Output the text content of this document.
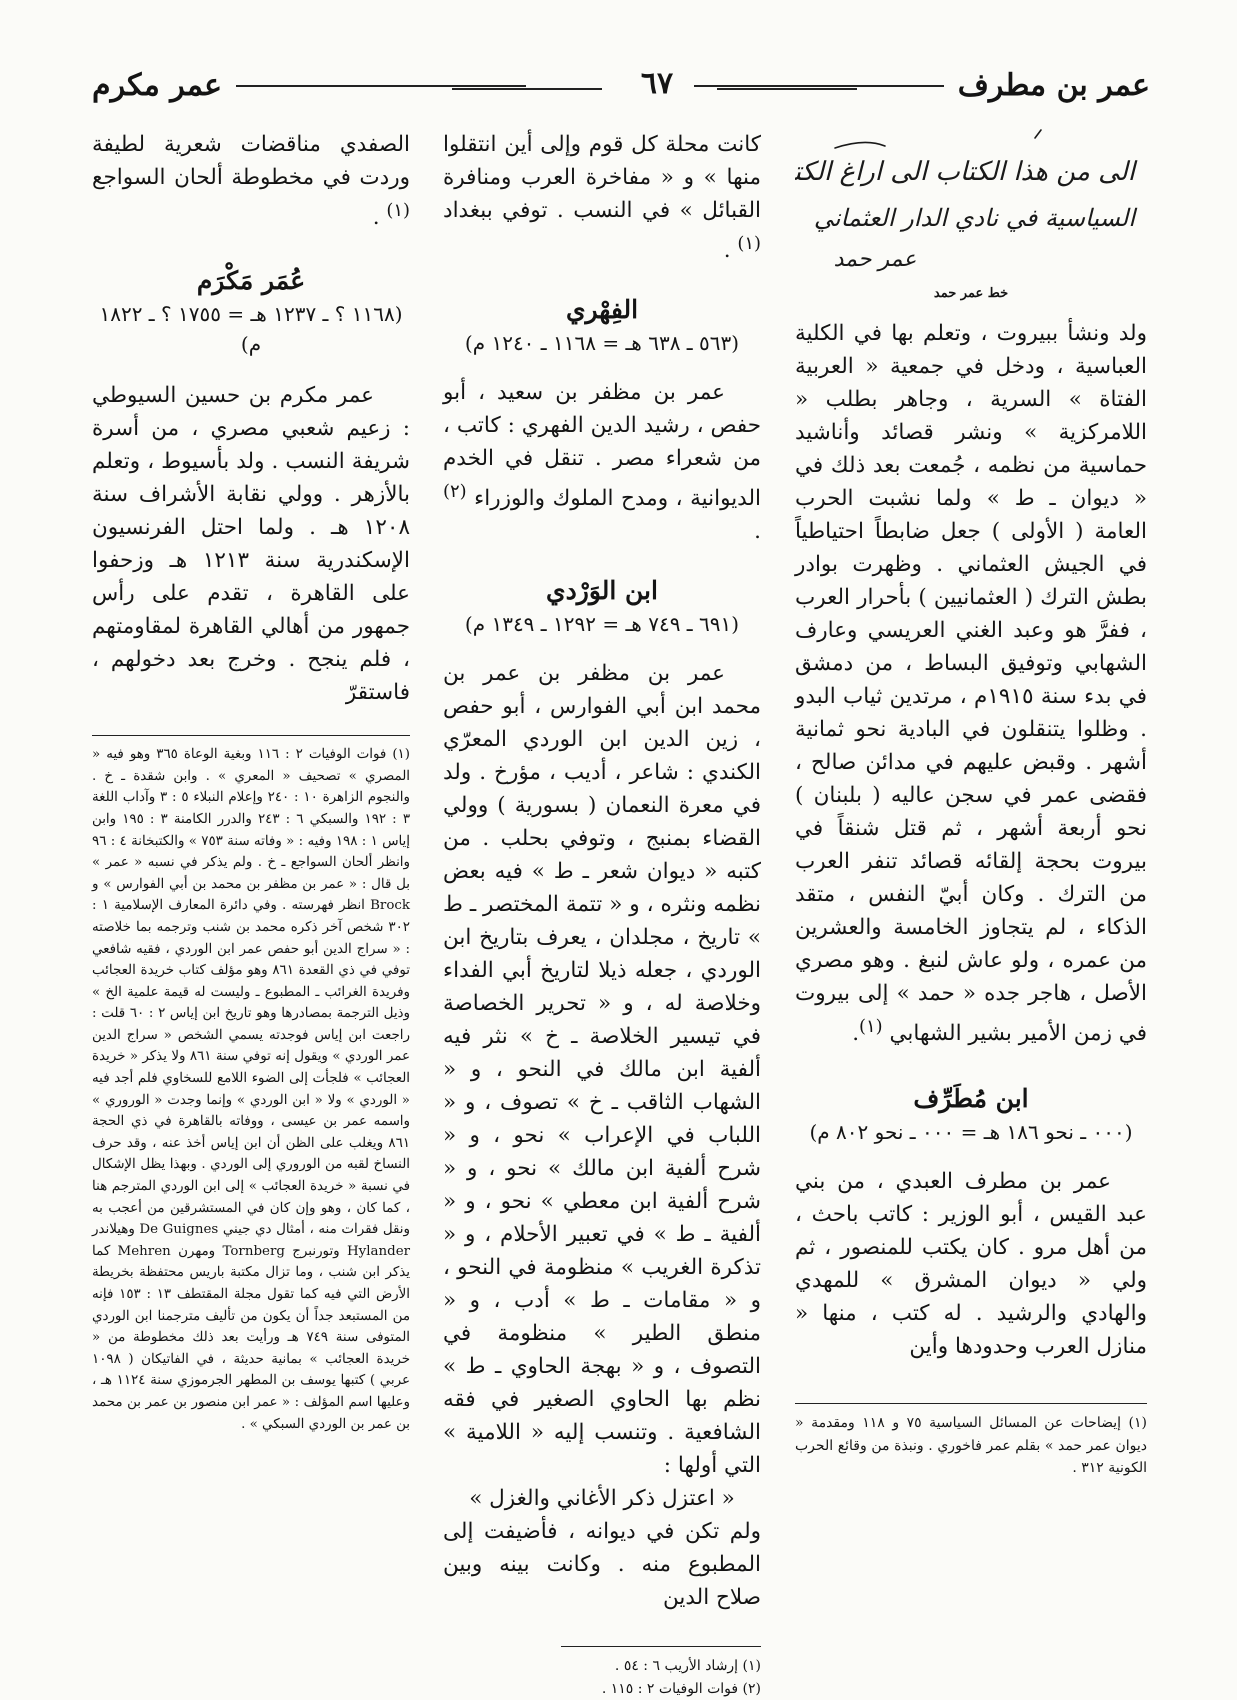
عمر بن مطرف
٦٧
عمر مكرم
الى من هذا الكتاب الى اراغ الكتبة
السياسية في نادي الدار العثماني
عمر حمد
خط عمر حمد

ولد ونشأ ببيروت ، وتعلم بها في الكلية العباسية ، ودخل في جمعية « العربية الفتاة » السرية ، وجاهر بطلب « اللامركزية » ونشر قصائد وأناشيد حماسية من نظمه ، جُمعت بعد ذلك في « ديوان ـ ط » ولما نشبت الحرب العامة ( الأولى ) جعل ضابطاً احتياطياً في الجيش العثماني . وظهرت بوادر بطش الترك ( العثمانيين ) بأحرار العرب ، ففرَّ هو وعبد الغني العريسي وعارف الشهابي وتوفيق البساط ، من دمشق في بدء سنة ١٩١٥م ، مرتدين ثياب البدو . وظلوا يتنقلون في البادية نحو ثمانية أشهر . وقبض عليهم في مدائن صالح ، فقضى عمر في سجن عاليه ( بلبنان ) نحو أربعة أشهر ، ثم قتل شنقاً في بيروت بحجة إلقائه قصائد تنفر العرب من الترك . وكان أبيّ النفس ، متقد الذكاء ، لم يتجاوز الخامسة والعشرين من عمره ، ولو عاش لنبغ . وهو مصري الأصل ، هاجر جده « حمد » إلى بيروت في زمن الأمير بشير الشهابي $^{(١)}$.

ابن مُطَرِّف
(٠٠٠ ـ نحو ١٨٦ هـ = ٠٠٠ ـ نحو ٨٠٢ م)

عمر بن مطرف العبدي ، من بني عبد القيس ، أبو الوزير : كاتب باحث ، من أهل مرو . كان يكتب للمنصور ، ثم ولي « ديوان المشرق » للمهدي والهادي والرشيد . له كتب ، منها « منازل العرب وحدودها وأين

(١) إيضاحات عن المسائل السياسية ٧٥ و ١١٨ ومقدمة « ديوان عمر حمد » بقلم عمر فاخوري . ونبذة من وقائع الحرب الكونية ٣١٢ .

كانت محلة كل قوم وإلى أين انتقلوا منها » و « مفاخرة العرب ومنافرة القبائل » في النسب . توفي ببغداد $^{(١)}$ .

الفِهْري
(٥٦٣ ـ ٦٣٨ هـ = ١١٦٨ ـ ١٢٤٠ م)

عمر بن مظفر بن سعيد ، أبو حفص ، رشيد الدين الفهري : كاتب ، من شعراء مصر . تنقل في الخدم الديوانية ، ومدح الملوك والوزراء $^{(٢)}$ .

ابن الوَرْدي
(٦٩١ ـ ٧٤٩ هـ = ١٢٩٢ ـ ١٣٤٩ م)

عمر بن مظفر بن عمر بن محمد ابن أبي الفوارس ، أبو حفص ، زين الدين ابن الوردي المعرّي الكندي : شاعر ، أديب ، مؤرخ . ولد في معرة النعمان ( بسورية ) وولي القضاء بمنبج ، وتوفي بحلب . من كتبه « ديوان شعر ـ ط » فيه بعض نظمه ونثره ، و « تتمة المختصر ـ ط » تاريخ ، مجلدان ، يعرف بتاريخ ابن الوردي ، جعله ذيلا لتاريخ أبي الفداء وخلاصة له ، و « تحرير الخصاصة في تيسير الخلاصة ـ خ » نثر فيه ألفية ابن مالك في النحو ، و « الشهاب الثاقب ـ خ » تصوف ، و « اللباب في الإعراب » نحو ، و « شرح ألفية ابن مالك » نحو ، و « شرح ألفية ابن معطي » نحو ، و « ألفية ـ ط » في تعبير الأحلام ، و « تذكرة الغريب » منظومة في النحو ، و « مقامات ـ ط » أدب ، و « منطق الطير » منظومة في التصوف ، و « بهجة الحاوي ـ ط » نظم بها الحاوي الصغير في فقه الشافعية . وتنسب إليه « اللامية » التي أولها :

« اعتزل ذكر الأغاني والغزل »

ولم تكن في ديوانه ، فأضيفت إلى المطبوع منه . وكانت بينه وبين صلاح الدين

(١) إرشاد الأريب ٦ : ٥٤ .

(٢) فوات الوفيات ٢ : ١١٥ .

الصفدي مناقضات شعرية لطيفة وردت في مخطوطة ألحان السواجع $^{(١)}$ .

عُمَر مَكْرَم
(١١٦٨ ؟ ـ ١٢٣٧ هـ = ١٧٥٥ ؟ ـ ١٨٢٢ م)

عمر مكرم بن حسين السيوطي : زعيم شعبي مصري ، من أسرة شريفة النسب . ولد بأسيوط ، وتعلم بالأزهر . وولي نقابة الأشراف سنة ١٢٠٨ هـ . ولما احتل الفرنسيون الإسكندرية سنة ١٢١٣ هـ وزحفوا على القاهرة ، تقدم على رأس جمهور من أهالي القاهرة لمقاومتهم ، فلم ينجح . وخرج بعد دخولهم ، فاستقرّ

(١) فوات الوفيات ٢ : ١١٦ وبغية الوعاة ٣٦٥ وهو فيه « المصري » تصحيف « المعري » . وابن شقدة ـ خ . والنجوم الزاهرة ١٠ : ٢٤٠ وإعلام النبلاء ٥ : ٣ وآداب اللغة ٣ : ١٩٢ والسبكي ٦ : ٢٤٣ والدرر الكامنة ٣ : ١٩٥ وابن إياس ١ : ١٩٨ وفيه : « وفاته سنة ٧٥٣ » والكتبخانة ٤ : ٩٦ وانظر ألحان السواجع ـ خ . ولم يذكر في نسبه « عمر » بل قال : « عمر بن مظفر بن محمد بن أبي الفوارس » و Brock انظر فهرسته . وفي دائرة المعارف الإسلامية ١ : ٣٠٢ شخص آخر ذكره محمد بن شنب وترجمه بما خلاصته : « سراج الدين أبو حفص عمر ابن الوردي ، فقيه شافعي توفي في ذي القعدة ٨٦١ وهو مؤلف كتاب خريدة العجائب وفريدة الغرائب ـ المطبوع ـ وليست له قيمة علمية الخ » وذيل الترجمة بمصادرها وهو تاريخ ابن إياس ٢ : ٦٠ قلت : راجعت ابن إياس فوجدته يسمي الشخص « سراج الدين عمر الوردي » ويقول إنه توفي سنة ٨٦١ ولا يذكر « خريدة العجائب » فلجأت إلى الضوء اللامع للسخاوي فلم أجد فيه « الوردي » ولا « ابن الوردي » وإنما وجدت « الوروري » واسمه عمر بن عيسى ، ووفاته بالقاهرة في ذي الحجة ٨٦١ ويغلب على الظن أن ابن إياس أخذ عنه ، وقد حرف النساخ لقبه من الوروري إلى الوردي . وبهذا يظل الإشكال في نسبة « خريدة العجائب » إلى ابن الوردي المترجم هنا ، كما كان ، وهو وإن كان في المستشرقين من أعجب به ونقل فقرات منه ، أمثال دي جيني De Guignes وهيلاندر Hylander وتورنبرج Tornberg ومهرن Mehren كما يذكر ابن شنب ، وما تزال مكتبة باريس محتفظة بخريطة الأرض التي فيه كما تقول مجلة المقتطف ١٣ : ١٥٣ فإنه من المستبعد جداً أن يكون من تأليف مترجمنا ابن الوردي المتوفى سنة ٧٤٩ هـ ورأيت بعد ذلك مخطوطة من « خريدة العجائب » بمانية حديثة ، في الفاتيكان ( ١٠٩٨ عربي ) كتبها يوسف بن المطهر الجرموزي سنة ١١٢٤ هـ ، وعليها اسم المؤلف : « عمر ابن منصور بن عمر بن محمد بن عمر بن الوردي السبكي » .
